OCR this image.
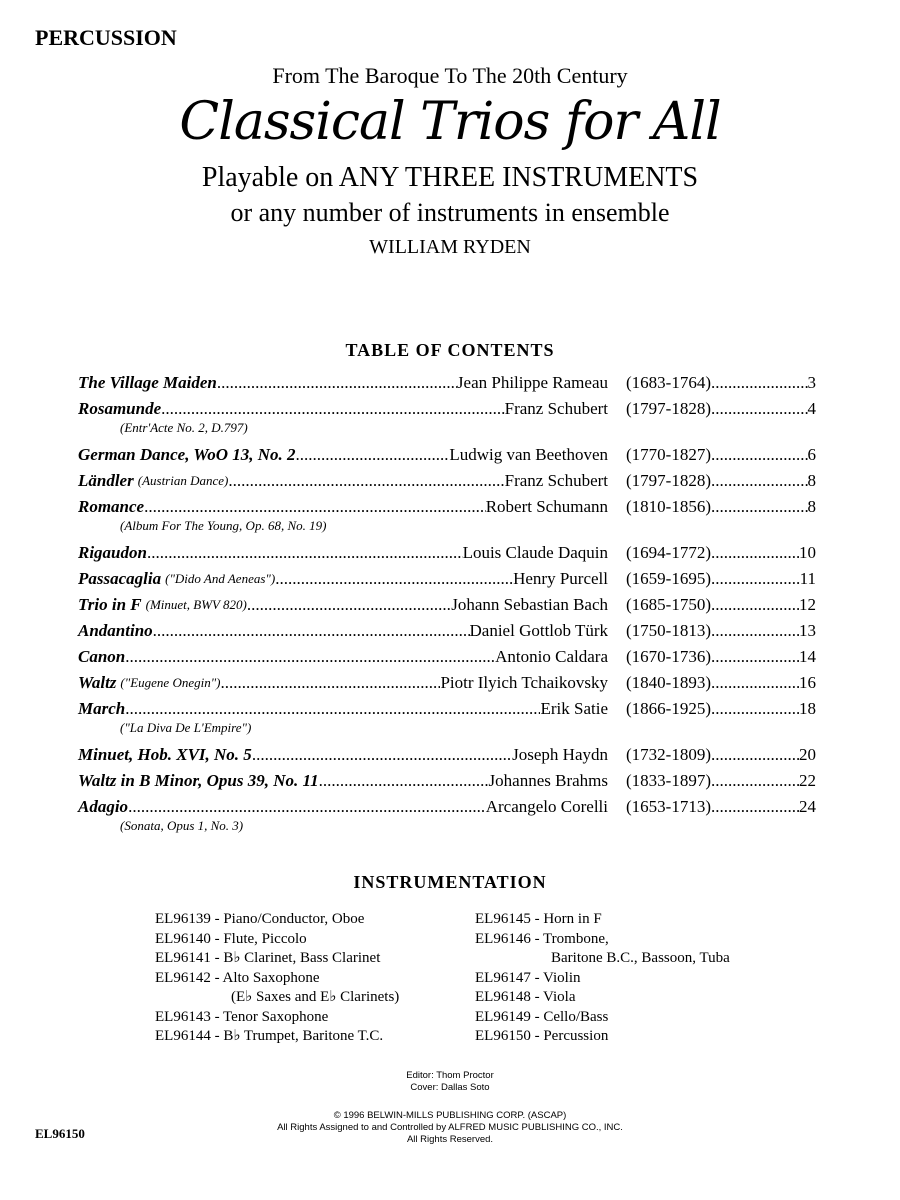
PERCUSSION
From The Baroque To The 20th Century
Classical Trios for All
Playable on ANY THREE INSTRUMENTS
or any number of instruments in ensemble
WILLIAM RYDEN
TABLE OF CONTENTS
The Village Maiden .....	Jean Philippe Rameau (1683-1764) .....	3
Rosamunde .....	Franz Schubert (1797-1828) .....	4
(Entr'Acte No. 2, D.797)
German Dance, WoO 13, No. 2 .....	Ludwig van Beethoven (1770-1827) .....	6
Ländler (Austrian Dance) .....	Franz Schubert (1797-1828) .....	8
Romance .....	Robert Schumann (1810-1856) .....	8
(Album For The Young, Op. 68, No. 19)
Rigaudon .....	Louis Claude Daquin (1694-1772) .....	10
Passacaglia ("Dido And Aeneas") .....	Henry Purcell (1659-1695) .....	11
Trio in F (Minuet, BWV 820) .....	Johann Sebastian Bach (1685-1750) .....	12
Andantino .....	Daniel Gottlob Türk (1750-1813) .....	13
Canon .....	Antonio Caldara (1670-1736) .....	14
Waltz ("Eugene Onegin") .....	Piotr Ilyich Tchaikovsky (1840-1893) .....	16
March .....	Erik Satie (1866-1925) .....	18
("La Diva De L'Empire")
Minuet, Hob. XVI, No. 5 .....	Joseph Haydn (1732-1809) .....	20
Waltz in B Minor, Opus 39, No. 11 .....	Johannes Brahms (1833-1897) .....	22
Adagio .....	Arcangelo Corelli (1653-1713) .....	24
(Sonata, Opus 1, No. 3)
INSTRUMENTATION
EL96139 - Piano/Conductor, Oboe
EL96140 - Flute, Piccolo
EL96141 - B♭ Clarinet, Bass Clarinet
EL96142 - Alto Saxophone
(E♭ Saxes and E♭ Clarinets)
EL96143 - Tenor Saxophone
EL96144 - B♭ Trumpet, Baritone T.C.
EL96145 - Horn in F
EL96146 - Trombone,
Baritone B.C., Bassoon, Tuba
EL96147 - Violin
EL96148 - Viola
EL96149 - Cello/Bass
EL96150 - Percussion
Editor: Thom Proctor
Cover: Dallas Soto
© 1996 BELWIN-MILLS PUBLISHING CORP. (ASCAP)
All Rights Assigned to and Controlled by ALFRED MUSIC PUBLISHING CO., INC.
All Rights Reserved.
EL96150
